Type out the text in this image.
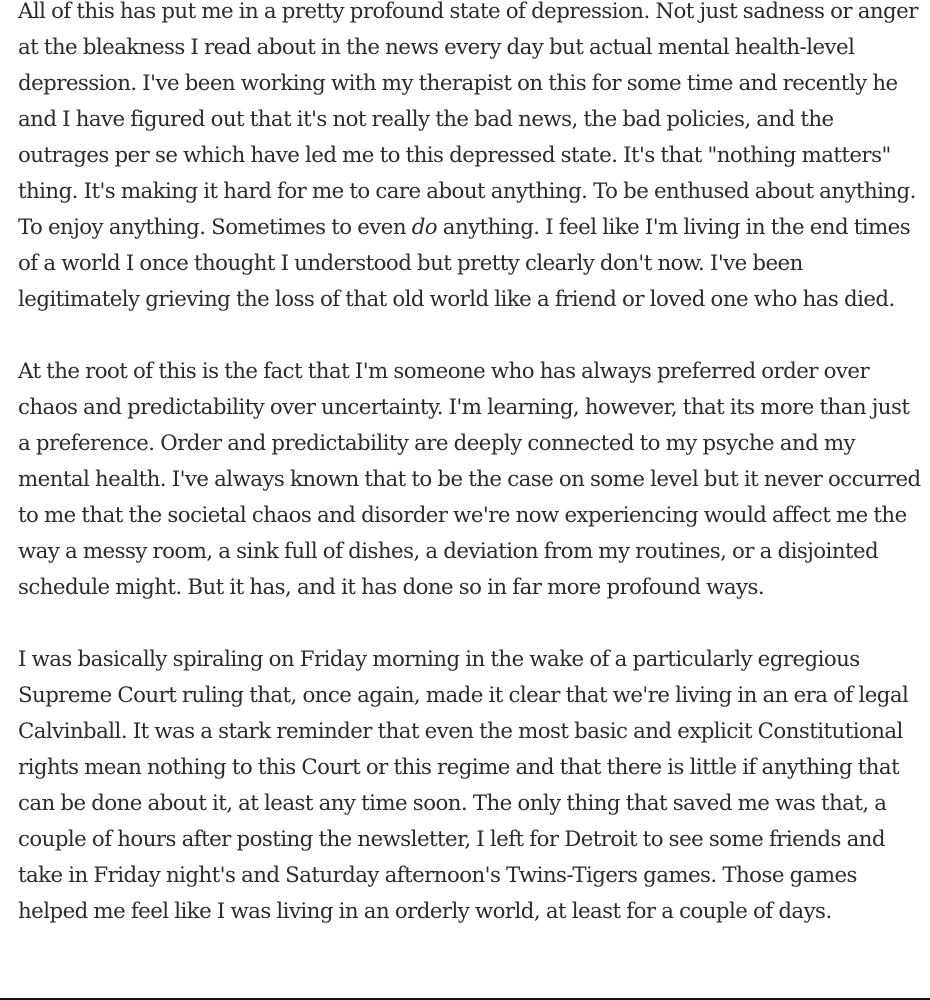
All of this has put me in a pretty profound state of depression. Not just sadness or anger at the bleakness I read about in the news every day but actual mental health-level depression. I've been working with my therapist on this for some time and recently he and I have figured out that it's not really the bad news, the bad policies, and the outrages per se which have led me to this depressed state. It's that "nothing matters" thing. It's making it hard for me to care about anything. To be enthused about anything. To enjoy anything. Sometimes to even do anything. I feel like I'm living in the end times of a world I once thought I understood but pretty clearly don't now. I've been legitimately grieving the loss of that old world like a friend or loved one who has died.

At the root of this is the fact that I'm someone who has always preferred order over chaos and predictability over uncertainty. I'm learning, however, that its more than just a preference. Order and predictability are deeply connected to my psyche and my mental health. I've always known that to be the case on some level but it never occurred to me that the societal chaos and disorder we're now experiencing would affect me the way a messy room, a sink full of dishes, a deviation from my routines, or a disjointed schedule might. But it has, and it has done so in far more profound ways.

I was basically spiraling on Friday morning in the wake of a particularly egregious Supreme Court ruling that, once again, made it clear that we're living in an era of legal Calvinball. It was a stark reminder that even the most basic and explicit Constitutional rights mean nothing to this Court or this regime and that there is little if anything that can be done about it, at least any time soon. The only thing that saved me was that, a couple of hours after posting the newsletter, I left for Detroit to see some friends and take in Friday night's and Saturday afternoon's Twins-Tigers games. Those games helped me feel like I was living in an orderly world, at least for a couple of days.
